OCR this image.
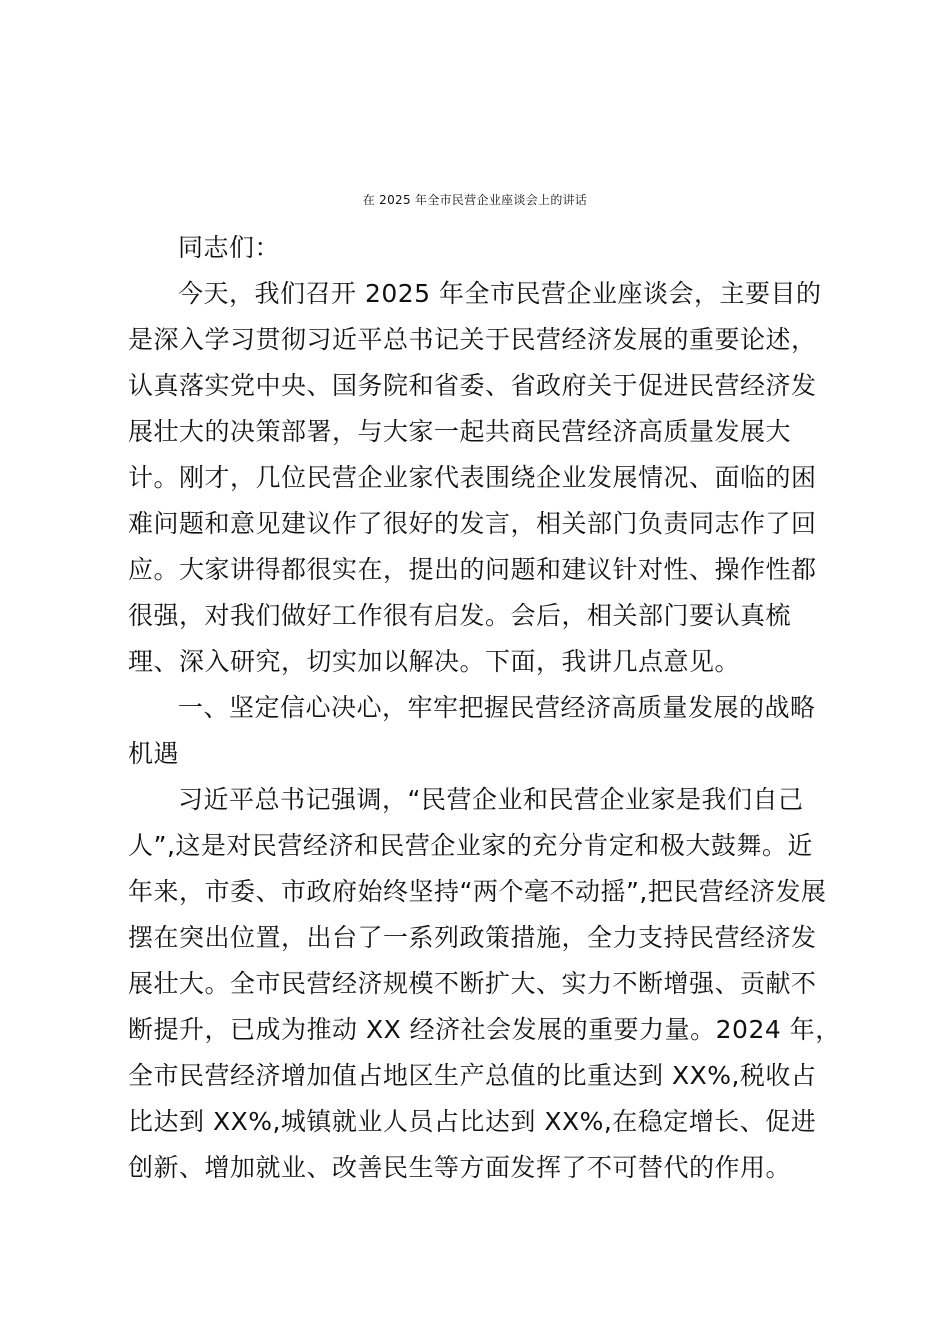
在 2025 年全市民营企业座谈会上的讲话
同志们：
今天，我们召开 2025 年全市民营企业座谈会，主要目的
是深入学习贯彻习近平总书记关于民营经济发展的重要论述，
认真落实党中央、国务院和省委、省政府关于促进民营经济发
展壮大的决策部署，与大家一起共商民营经济高质量发展大
计。刚才，几位民营企业家代表围绕企业发展情况、面临的困
难问题和意见建议作了很好的发言，相关部门负责同志作了回
应。大家讲得都很实在，提出的问题和建议针对性、操作性都
很强，对我们做好工作很有启发。会后，相关部门要认真梳
理、深入研究，切实加以解决。下面，我讲几点意见。
一、坚定信心决心，牢牢把握民营经济高质量发展的战略
机遇
习近平总书记强调，“民营企业和民营企业家是我们自己
人”,这是对民营经济和民营企业家的充分肯定和极大鼓舞。近
年来，市委、市政府始终坚持“两个毫不动摇”,把民营经济发展
摆在突出位置，出台了一系列政策措施，全力支持民营经济发
展壮大。全市民营经济规模不断扩大、实力不断增强、贡献不
断提升，已成为推动 XX 经济社会发展的重要力量。2024 年，
全市民营经济增加值占地区生产总值的比重达到 XX%,税收占
比达到 XX%,城镇就业人员占比达到 XX%,在稳定增长、促进
创新、增加就业、改善民生等方面发挥了不可替代的作用。
